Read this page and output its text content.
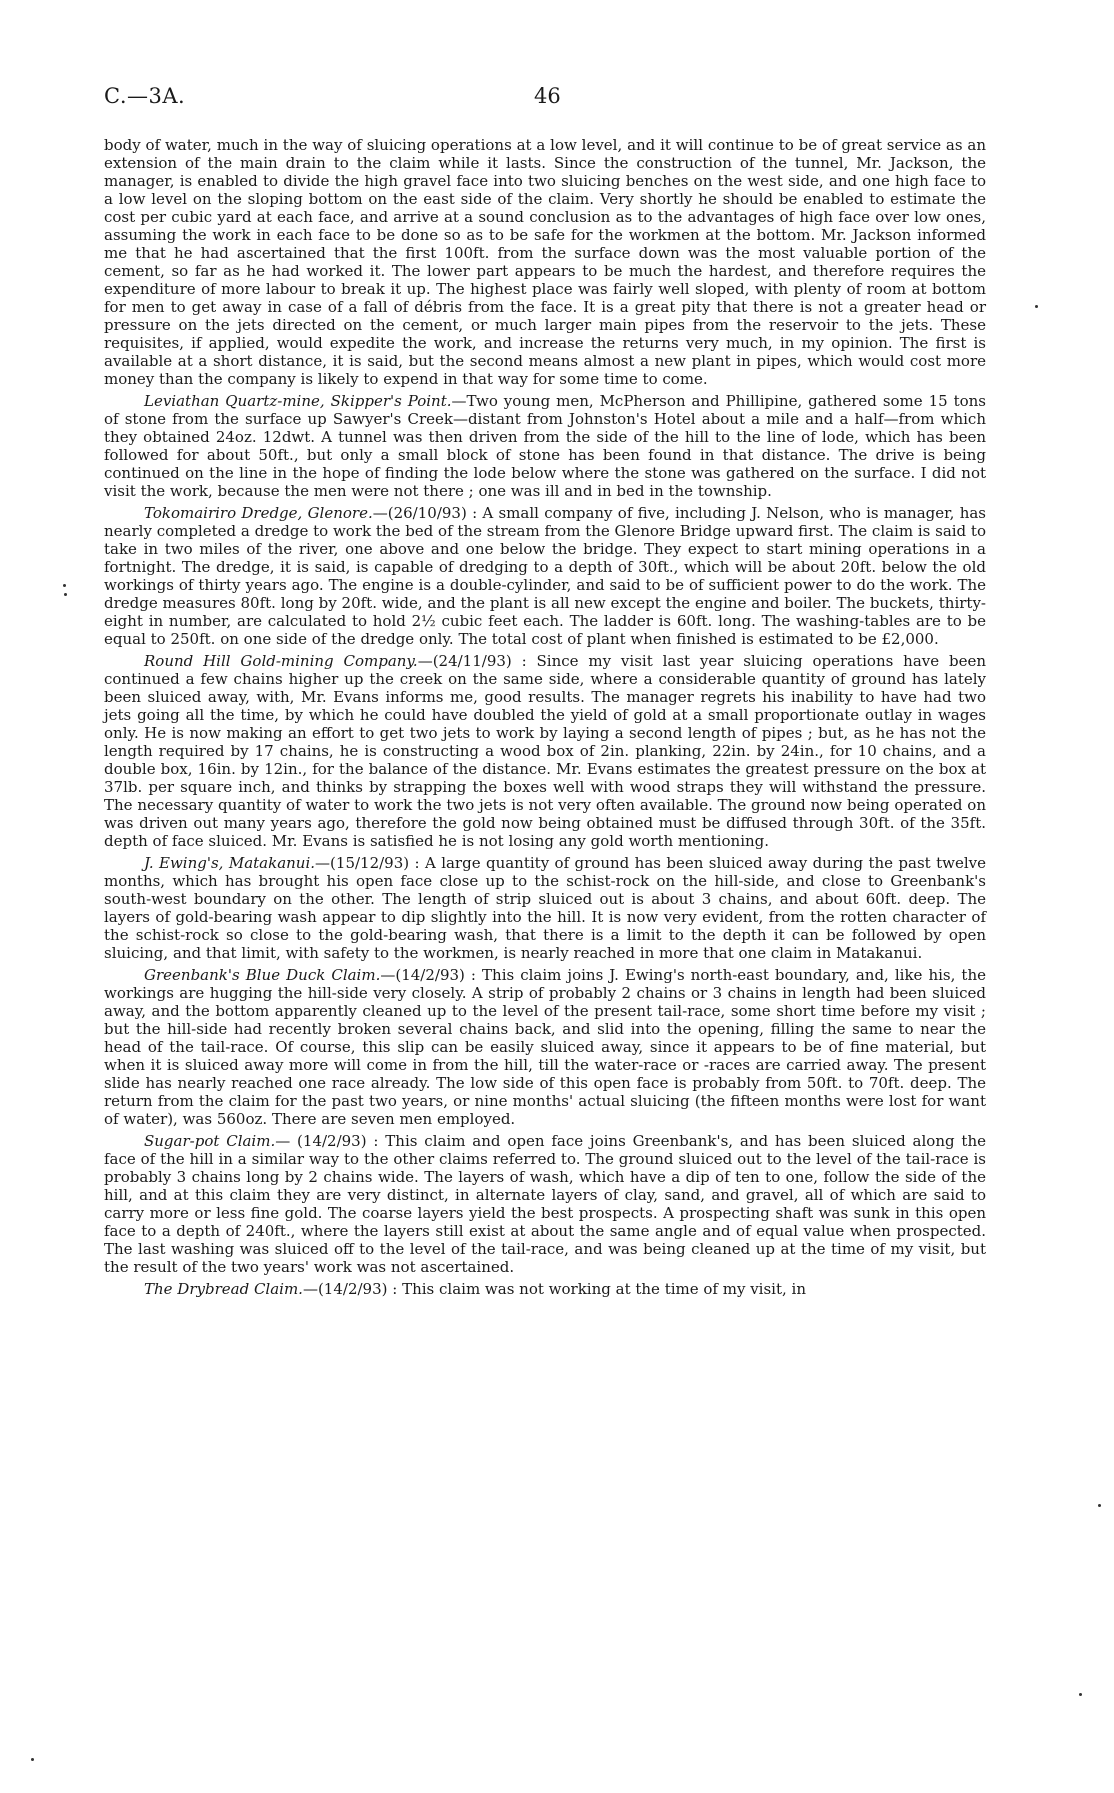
C.—3A.	46

body of water, much in the way of sluicing operations at a low level, and it will continue to be of great service as an extension of the main drain to the claim while it lasts. Since the construction of the tunnel, Mr. Jackson, the manager, is enabled to divide the high gravel face into two sluicing benches on the west side, and one high face to a low level on the sloping bottom on the east side of the claim. Very shortly he should be enabled to estimate the cost per cubic yard at each face, and arrive at a sound conclusion as to the advantages of high face over low ones, assuming the work in each face to be done so as to be safe for the workmen at the bottom. Mr. Jackson informed me that he had ascertained that the first 100ft. from the surface down was the most valuable portion of the cement, so far as he had worked it. The lower part appears to be much the hardest, and therefore requires the expenditure of more labour to break it up. The highest place was fairly well sloped, with plenty of room at bottom for men to get away in case of a fall of débris from the face. It is a great pity that there is not a greater head or pressure on the jets directed on the cement, or much larger main pipes from the reservoir to the jets. These requisites, if applied, would expedite the work, and increase the returns very much, in my opinion. The first is available at a short distance, it is said, but the second means almost a new plant in pipes, which would cost more money than the company is likely to expend in that way for some time to come.

Leviathan Quartz-mine, Skipper's Point.—Two young men, McPherson and Phillipine, gathered some 15 tons of stone from the surface up Sawyer's Creek—distant from Johnston's Hotel about a mile and a half—from which they obtained 24oz. 12dwt. A tunnel was then driven from the side of the hill to the line of lode, which has been followed for about 50ft., but only a small block of stone has been found in that distance. The drive is being continued on the line in the hope of finding the lode below where the stone was gathered on the surface. I did not visit the work, because the men were not there ; one was ill and in bed in the township.

Tokomairiro Dredge, Glenore.—(26/10/93) : A small company of five, including J. Nelson, who is manager, has nearly completed a dredge to work the bed of the stream from the Glenore Bridge upward first. The claim is said to take in two miles of the river, one above and one below the bridge. They expect to start mining operations in a fortnight. The dredge, it is said, is capable of dredging to a depth of 30ft., which will be about 20ft. below the old workings of thirty years ago. The engine is a double-cylinder, and said to be of sufficient power to do the work. The dredge measures 80ft. long by 20ft. wide, and the plant is all new except the engine and boiler. The buckets, thirty-eight in number, are calculated to hold 2½ cubic feet each. The ladder is 60ft. long. The washing-tables are to be equal to 250ft. on one side of the dredge only. The total cost of plant when finished is estimated to be £2,000.

Round Hill Gold-mining Company.—(24/11/93) : Since my visit last year sluicing operations have been continued a few chains higher up the creek on the same side, where a considerable quantity of ground has lately been sluiced away, with, Mr. Evans informs me, good results. The manager regrets his inability to have had two jets going all the time, by which he could have doubled the yield of gold at a small proportionate outlay in wages only. He is now making an effort to get two jets to work by laying a second length of pipes ; but, as he has not the length required by 17 chains, he is constructing a wood box of 2in. planking, 22in. by 24in., for 10 chains, and a double box, 16in. by 12in., for the balance of the distance. Mr. Evans estimates the greatest pressure on the box at 37lb. per square inch, and thinks by strapping the boxes well with wood straps they will withstand the pressure. The necessary quantity of water to work the two jets is not very often available. The ground now being operated on was driven out many years ago, therefore the gold now being obtained must be diffused through 30ft. of the 35ft. depth of face sluiced. Mr. Evans is satisfied he is not losing any gold worth mentioning.

J. Ewing's, Matakanui.—(15/12/93) : A large quantity of ground has been sluiced away during the past twelve months, which has brought his open face close up to the schist-rock on the hill-side, and close to Greenbank's south-west boundary on the other. The length of strip sluiced out is about 3 chains, and about 60ft. deep. The layers of gold-bearing wash appear to dip slightly into the hill. It is now very evident, from the rotten character of the schist-rock so close to the gold-bearing wash, that there is a limit to the depth it can be followed by open sluicing, and that limit, with safety to the workmen, is nearly reached in more that one claim in Matakanui.

Greenbank's Blue Duck Claim.—(14/2/93) : This claim joins J. Ewing's north-east boundary, and, like his, the workings are hugging the hill-side very closely. A strip of probably 2 chains or 3 chains in length had been sluiced away, and the bottom apparently cleaned up to the level of the present tail-race, some short time before my visit ; but the hill-side had recently broken several chains back, and slid into the opening, filling the same to near the head of the tail-race. Of course, this slip can be easily sluiced away, since it appears to be of fine material, but when it is sluiced away more will come in from the hill, till the water-race or -races are carried away. The present slide has nearly reached one race already. The low side of this open face is probably from 50ft. to 70ft. deep. The return from the claim for the past two years, or nine months' actual sluicing (the fifteen months were lost for want of water), was 560oz. There are seven men employed.

Sugar-pot Claim.— (14/2/93) : This claim and open face joins Greenbank's, and has been sluiced along the face of the hill in a similar way to the other claims referred to. The ground sluiced out to the level of the tail-race is probably 3 chains long by 2 chains wide. The layers of wash, which have a dip of ten to one, follow the side of the hill, and at this claim they are very distinct, in alternate layers of clay, sand, and gravel, all of which are said to carry more or less fine gold. The coarse layers yield the best prospects. A prospecting shaft was sunk in this open face to a depth of 240ft., where the layers still exist at about the same angle and of equal value when prospected. The last washing was sluiced off to the level of the tail-race, and was being cleaned up at the time of my visit, but the result of the two years' work was not ascertained.

The Drybread Claim.—(14/2/93) : This claim was not working at the time of my visit, in
